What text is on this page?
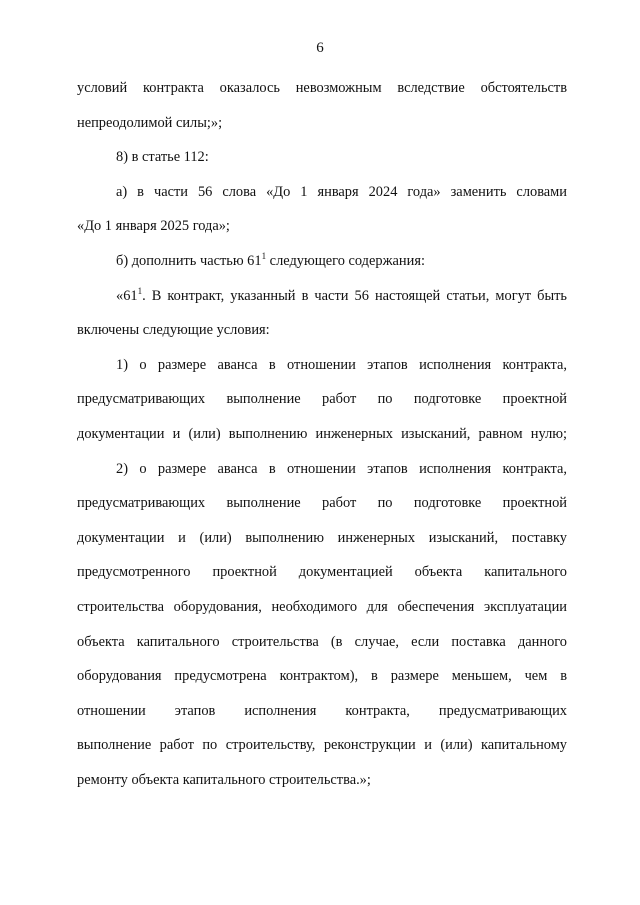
6
условий контракта оказалось невозможным вследствие обстоятельств
непреодолимой силы;»;
8) в статье 112:
а) в части 56 слова «До 1 января 2024 года» заменить словами
«До 1 января 2025 года»;
б) дополнить частью $61^1$ следующего содержания:
«$61^1$. В контракт, указанный в части 56 настоящей статьи, могут быть
включены следующие условия:
1) о размере аванса в отношении этапов исполнения контракта,
предусматривающих выполнение работ по подготовке проектной
документации и (или) выполнению инженерных изысканий, равном нулю;
2) о размере аванса в отношении этапов исполнения контракта,
предусматривающих выполнение работ по подготовке проектной
документации и (или) выполнению инженерных изысканий, поставку
предусмотренного проектной документацией объекта капитального
строительства оборудования, необходимого для обеспечения эксплуатации
объекта капитального строительства (в случае, если поставка данного
оборудования предусмотрена контрактом), в размере меньшем, чем в
отношении этапов исполнения контракта, предусматривающих
выполнение работ по строительству, реконструкции и (или) капитальному
ремонту объекта капитального строительства.»;
